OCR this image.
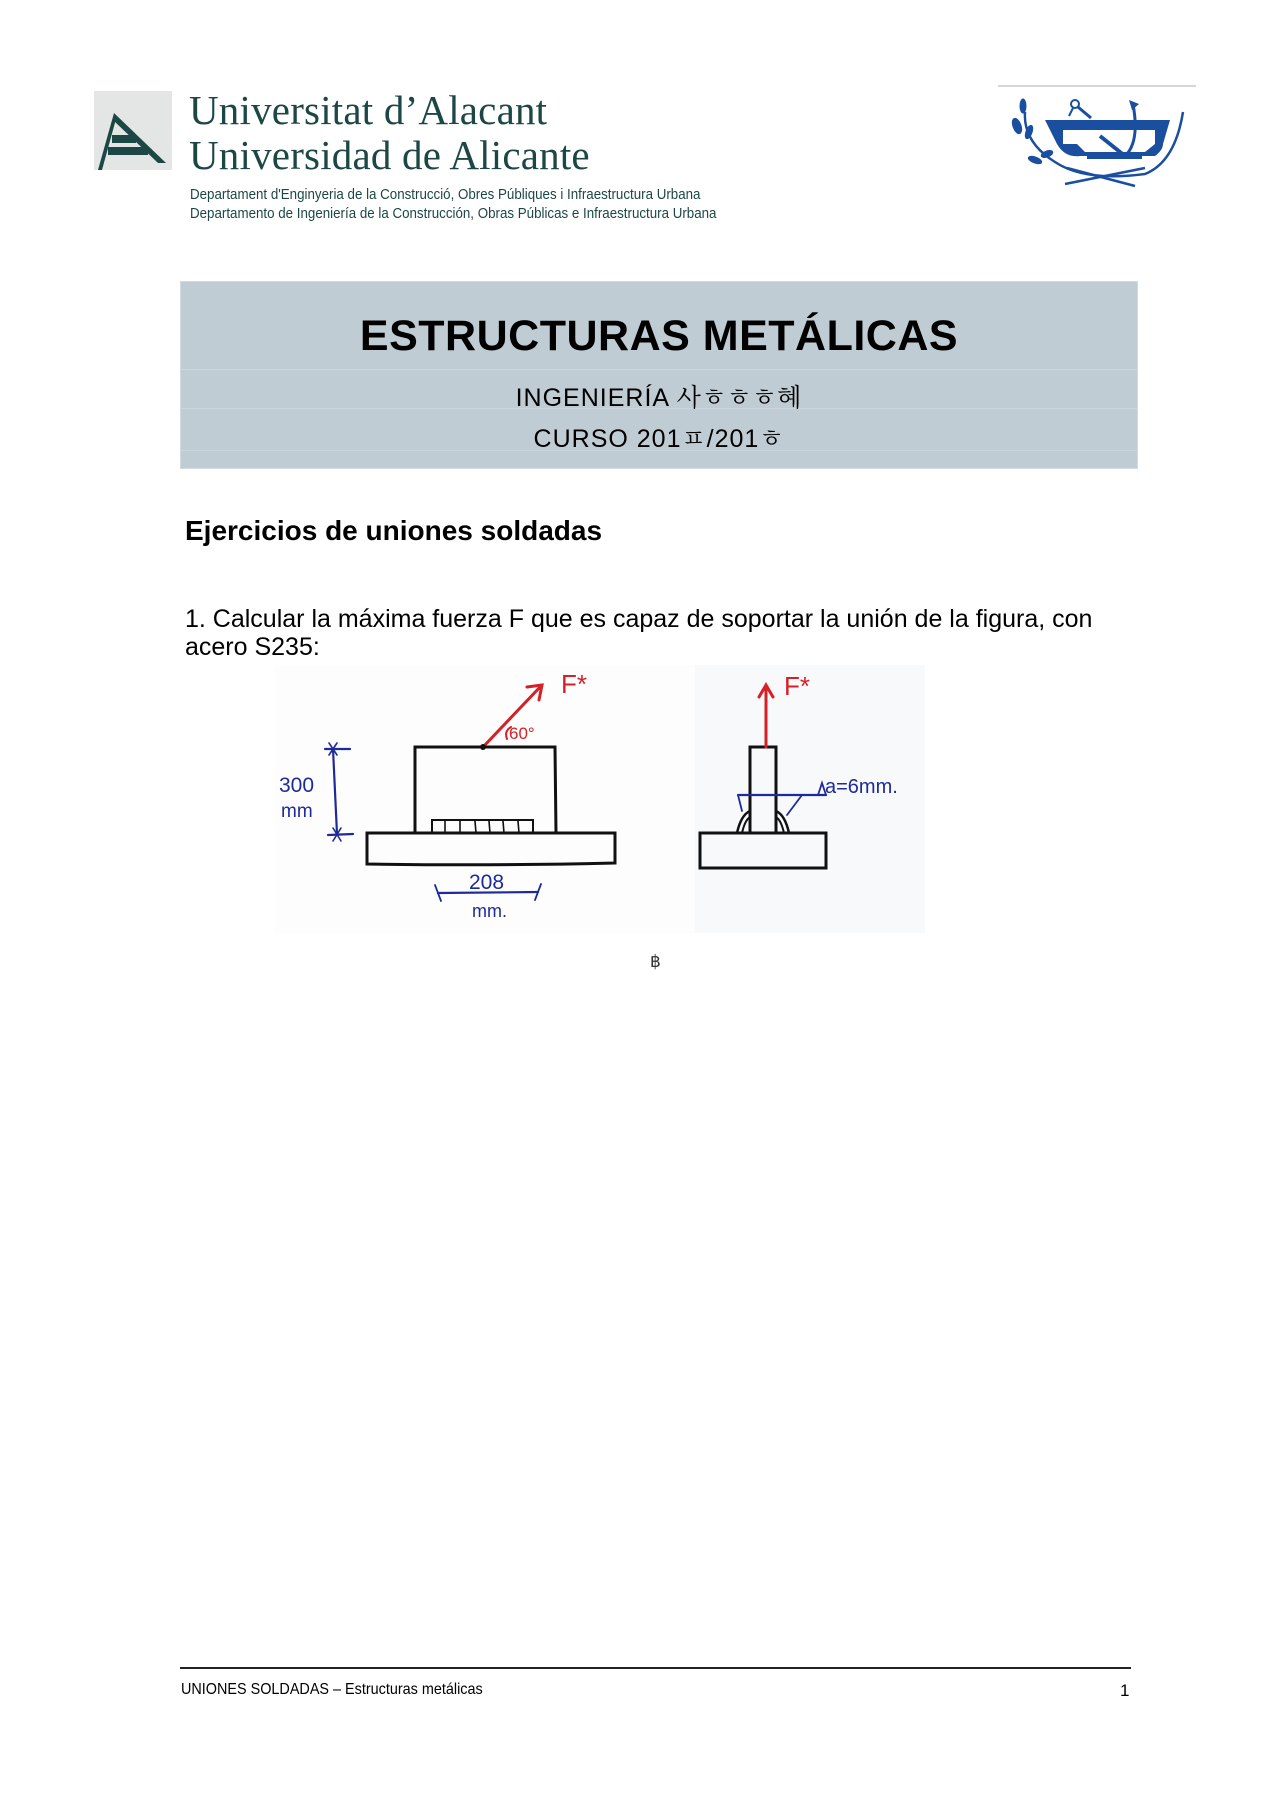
Universitat d’Alacant
Universidad de Alicante
Departament d'Enginyeria de la Construcció, Obres Públiques i Infraestructura Urbana
Departamento de Ingeniería de la Construcción, Obras Públicas e Infraestructura Urbana
ESTRUCTURAS METÁLICAS
INGENIERÍA 사ㅎㅎㅎ혜
CURSO 201ㅍ/201ㅎ
Ejercicios de uniones soldadas
1. Calcular la máxima fuerza F que es capaz de soportar la unión de la figura, con acero S235:
F*
60°
F*
300
mm
208
mm.
a=6mm.
฿
UNIONES SOLDADAS – Estructuras metálicas	1
